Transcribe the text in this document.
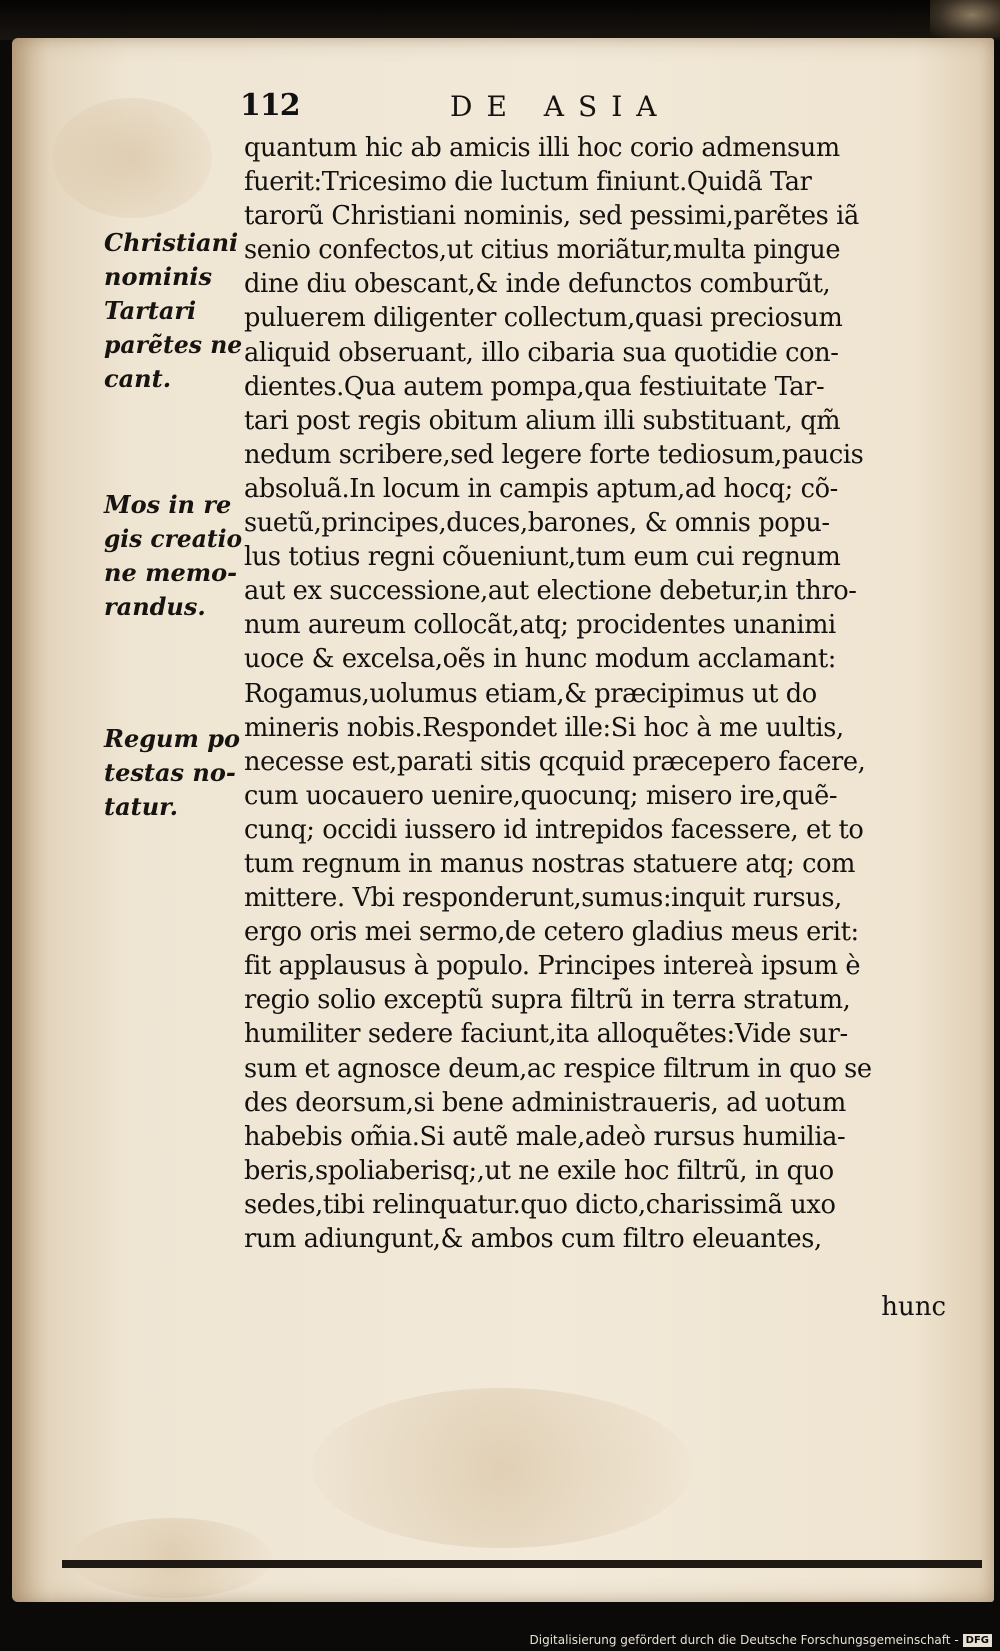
112	DE ASIA
quantum hic ab amicis illi hoc corio admensum
fuerit:Tricesimo die luctum finiunt.Quidã Tar
tarorũ Christiani nominis, sed pessimi,parẽtes iã
senio confectos,ut citius moriãtur,multa pingue
dine diu obescant,& inde defunctos comburũt,
puluerem diligenter collectum,quasi preciosum
aliquid obseruant, illo cibaria sua quotidie con-
dientes.Qua autem pompa,qua festiuitate Tar-
tari post regis obitum alium illi substituant, qm̃
nedum scribere,sed legere forte tediosum,paucis
absoluã.In locum in campis aptum,ad hocq; cõ-
suetũ,principes,duces,barones, & omnis popu-
lus totius regni cõueniunt,tum eum cui regnum
aut ex successione,aut electione debetur,in thro-
num aureum collocãt,atq; procidentes unanimi
uoce & excelsa,oẽs in hunc modum acclamant:
Rogamus,uolumus etiam,& præcipimus ut do
mineris nobis.Respondet ille:Si hoc à me uultis,
necesse est,parati sitis qcquid præcepero facere,
cum uocauero uenire,quocunq; misero ire,quẽ-
cunq; occidi iussero id intrepidos facessere, et to
tum regnum in manus nostras statuere atq; com
mittere. Vbi responderunt,sumus:inquit rursus,
ergo oris mei sermo,de cetero gladius meus erit:
fit applausus à populo. Principes intereà ipsum è
regio solio exceptũ supra filtrũ in terra stratum,
humiliter sedere faciunt,ita alloquẽtes:Vide sur-
sum et agnosce deum,ac respice filtrum in quo se
des deorsum,si bene administraueris, ad uotum
habebis om̃ia.Si autẽ male,adeò rursus humilia-
beris,spoliaberisq;,ut ne exile hoc filtrũ, in quo
sedes,tibi relinquatur.quo dicto,charissimã uxo
rum adiungunt,& ambos cum filtro eleuantes,
hunc
Christiani
nominis
Tartari
parẽtes ne
cant.
Mos in re
gis creatio
ne memo-
randus.
Regum po
testas no-
tatur.
Digitalisierung gefördert durch die Deutsche Forschungsgemeinschaft - DFG
